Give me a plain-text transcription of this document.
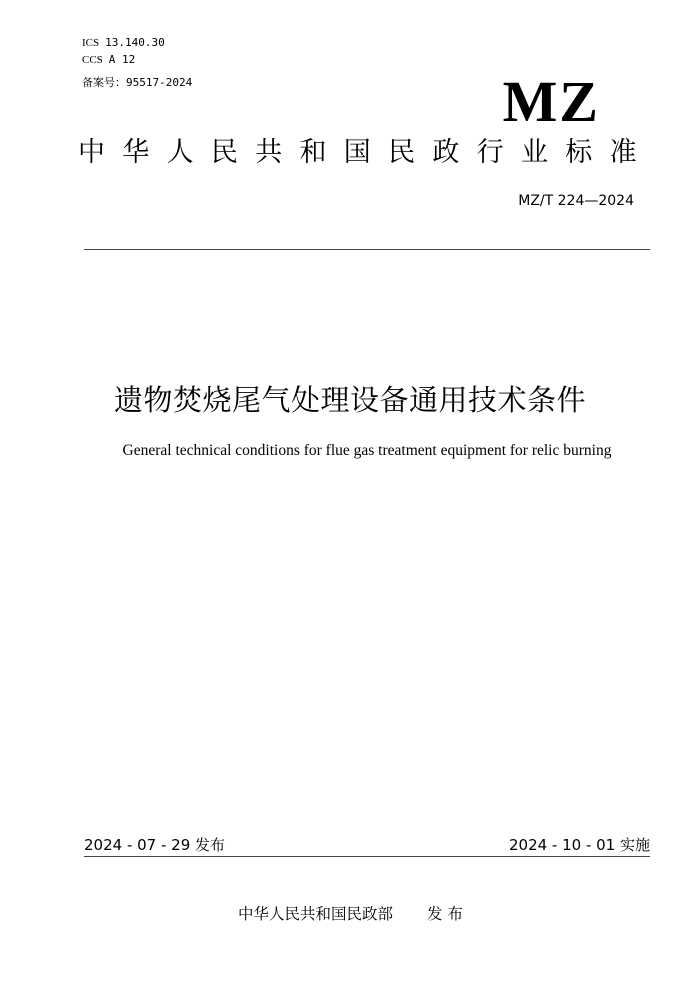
ICS 13.140.30
CCS A 12
备案号：95517-2024	MZ
中华人民共和国民政行业标准
MZ/T 224—2024
遗物焚烧尾气处理设备通用技术条件
General technical conditions for flue gas treatment equipment for relic burning
2024 - 07 - 29 发布	2024 - 10 - 01 实施
中华人民共和国民政部 发 布
